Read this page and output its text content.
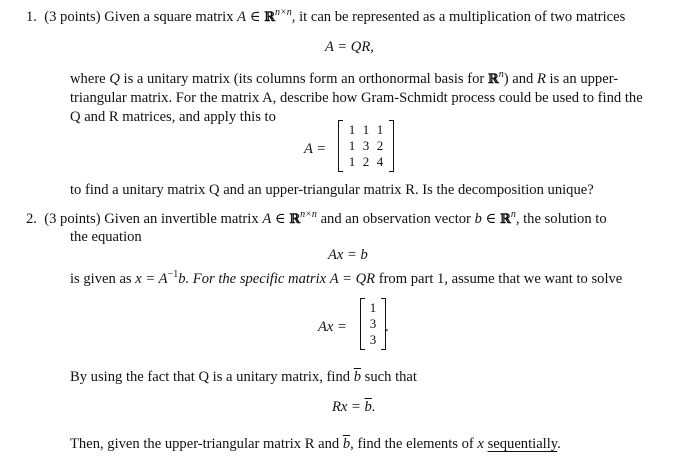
1. (3 points) Given a square matrix A ∈ ℝ$^{n\times n}$, it can be represented as a multiplication of two matrices
A = QR,
where Q is a unitary matrix (its columns form an orthonormal basis for ℝ$^n$) and R is an upper-
triangular matrix. For the matrix A, describe how Gram-Schmidt process could be used to find the
Q and R matrices, and apply this to
A =
1 1 1
1 3 2
1 2 4
to find a unitary matrix Q and an upper-triangular matrix R. Is the decomposition unique?
2. (3 points) Given an invertible matrix A ∈ ℝ$^{n\times n}$ and an observation vector b ∈ ℝ$^n$, the solution to
the equation
Ax = b
is given as $x = A^{-1}b$. For the specific matrix A = QR from part 1, assume that we want to solve
Ax =
1
3
3
.
By using the fact that Q is a unitary matrix, find $\overline{b}$ such that
$Rx = \overline{b}$.
Then, given the upper-triangular matrix R and $\overline{b}$, find the elements of x sequentially.
